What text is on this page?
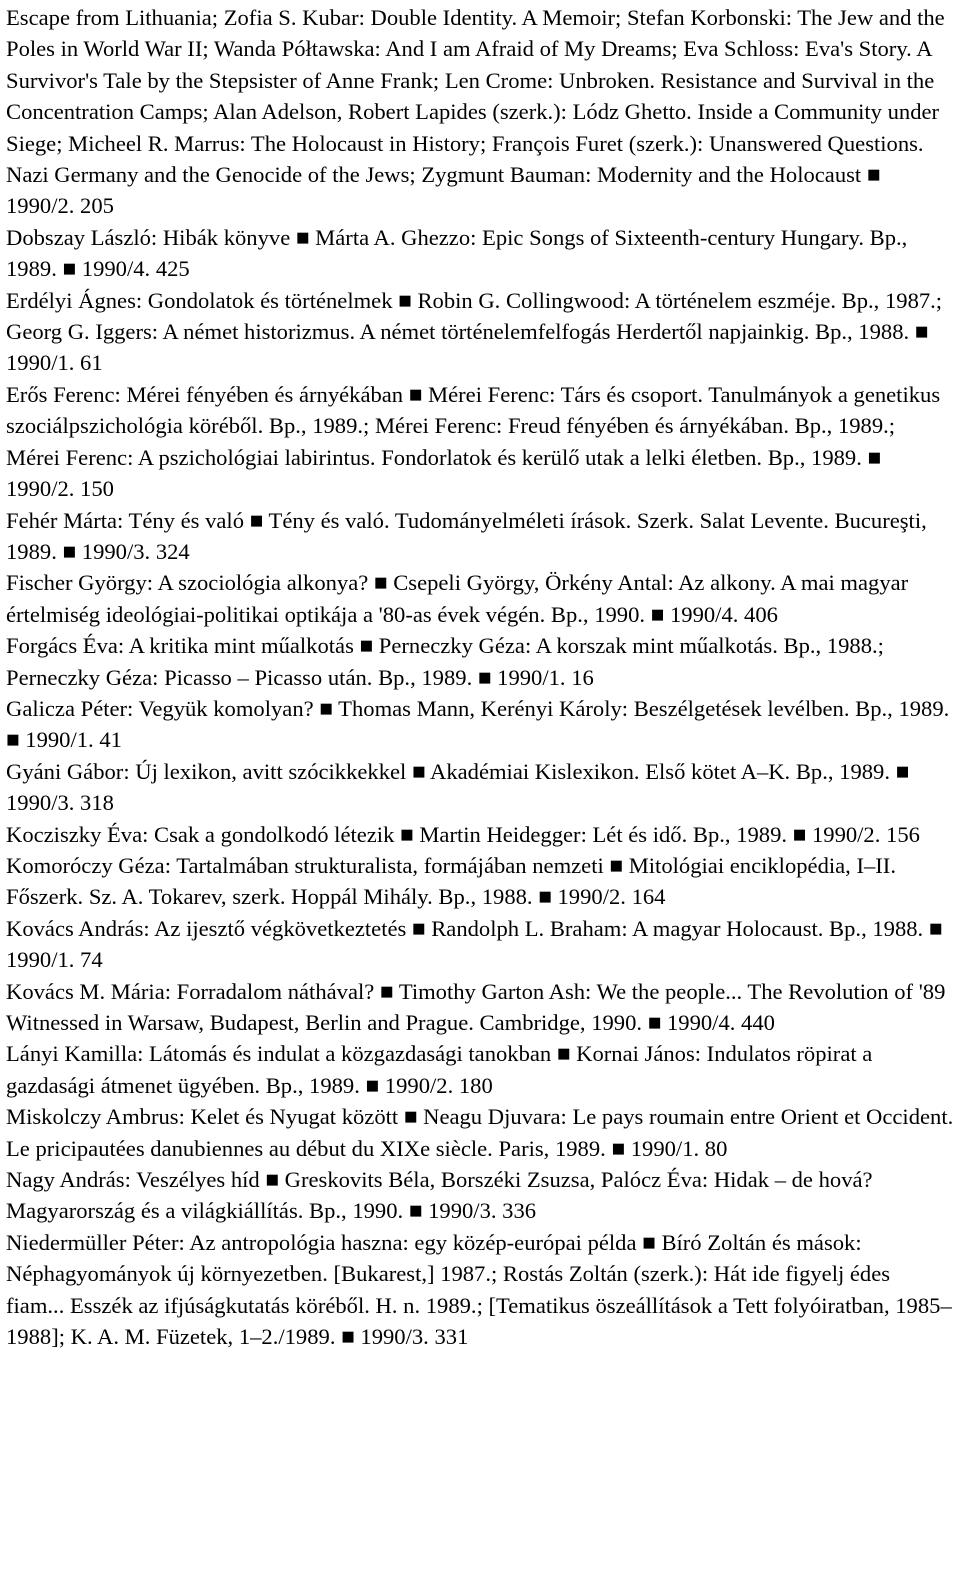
Escape from Lithuania; Zofia S. Kubar: Double Identity. A Memoir; Stefan Korbonski: The Jew and the Poles in World War II; Wanda Półtawska: And I am Afraid of My Dreams; Eva Schloss: Eva's Story. A Survivor's Tale by the Stepsister of Anne Frank; Len Crome: Unbroken. Resistance and Survival in the Concentration Camps; Alan Adelson, Robert Lapides (szerk.): Lódz Ghetto. Inside a Community under Siege; Micheel R. Marrus: The Holocaust in History; François Furet (szerk.): Unanswered Questions. Nazi Germany and the Genocide of the Jews; Zygmunt Bauman: Modernity and the Holocaust ■ 1990/2. 205

Dobszay László: Hibák könyve ■ Márta A. Ghezzo: Epic Songs of Sixteenth-century Hungary. Bp., 1989. ■ 1990/4. 425

Erdélyi Ágnes: Gondolatok és történelmek ■ Robin G. Collingwood: A történelem eszméje. Bp., 1987.; Georg G. Iggers: A német historizmus. A német történelemfelfogás Herdertől napjainkig. Bp., 1988. ■ 1990/1. 61

Erős Ferenc: Mérei fényében és árnyékában ■ Mérei Ferenc: Társ és csoport. Tanulmányok a genetikus szociálpszichológia köréből. Bp., 1989.; Mérei Ferenc: Freud fényében és árnyékában. Bp., 1989.; Mérei Ferenc: A pszichológiai labirintus. Fondorlatok és kerülő utak a lelki életben. Bp., 1989. ■ 1990/2. 150

Fehér Márta: Tény és való ■ Tény és való. Tudományelméleti írások. Szerk. Salat Levente. Bucureşti, 1989. ■ 1990/3. 324

Fischer György: A szociológia alkonya? ■ Csepeli György, Örkény Antal: Az alkony. A mai magyar értelmiség ideológiai-politikai optikája a '80-as évek végén. Bp., 1990. ■ 1990/4. 406

Forgács Éva: A kritika mint műalkotás ■ Perneczky Géza: A korszak mint műalkotás. Bp., 1988.; Perneczky Géza: Picasso – Picasso után. Bp., 1989. ■ 1990/1. 16

Galicza Péter: Vegyük komolyan? ■ Thomas Mann, Kerényi Károly: Beszélgetések levélben. Bp., 1989. ■ 1990/1. 41

Gyáni Gábor: Új lexikon, avitt szócikkekkel ■ Akadémiai Kislexikon. Első kötet A–K. Bp., 1989. ■ 1990/3. 318

Kocziszky Éva: Csak a gondolkodó létezik ■ Martin Heidegger: Lét és idő. Bp., 1989. ■ 1990/2. 156

Komoróczy Géza: Tartalmában strukturalista, formájában nemzeti ■ Mitológiai enciklopédia, I–II. Főszerk. Sz. A. Tokarev, szerk. Hoppál Mihály. Bp., 1988. ■ 1990/2. 164

Kovács András: Az ijesztő végkövetkeztetés ■ Randolph L. Braham: A magyar Holocaust. Bp., 1988. ■ 1990/1. 74

Kovács M. Mária: Forradalom náthával? ■ Timothy Garton Ash: We the people... The Revolution of '89 Witnessed in Warsaw, Budapest, Berlin and Prague. Cambridge, 1990. ■ 1990/4. 440

Lányi Kamilla: Látomás és indulat a közgazdasági tanokban ■ Kornai János: Indulatos röpirat a gazdasági átmenet ügyében. Bp., 1989. ■ 1990/2. 180

Miskolczy Ambrus: Kelet és Nyugat között ■ Neagu Djuvara: Le pays roumain entre Orient et Occident. Le pricipautées danubiennes au début du XIXe siècle. Paris, 1989. ■ 1990/1. 80

Nagy András: Veszélyes híd ■ Greskovits Béla, Borszéki Zsuzsa, Palócz Éva: Hidak – de hová? Magyarország és a világkiállítás. Bp., 1990. ■ 1990/3. 336

Niedermüller Péter: Az antropológia haszna: egy közép-európai példa ■ Bíró Zoltán és mások: Néphagyományok új környezetben. [Bukarest,] 1987.; Rostás Zoltán (szerk.): Hát ide figyelj édes fiam... Esszék az ifjúságkutatás köréből. H. n. 1989.; [Tematikus öszeállítások a Tett folyóiratban, 1985–1988]; K. A. M. Füzetek, 1–2./1989. ■ 1990/3. 331
